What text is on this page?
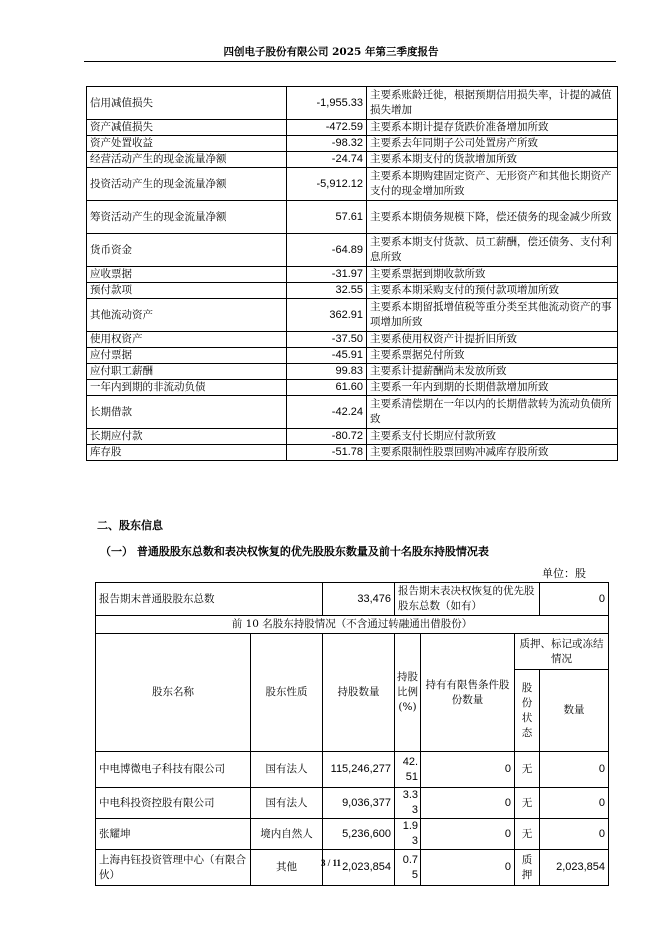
四创电子股份有限公司 2025 年第三季度报告
信用减值损失	-1,955.33	主要系账龄迁徙，根据预期信用损失率，计提的减值损失增加
资产减值损失	-472.59	主要系本期计提存货跌价准备增加所致
资产处置收益	-98.32	主要系去年同期子公司处置房产所致
经营活动产生的现金流量净额	-24.74	主要系本期支付的货款增加所致
投资活动产生的现金流量净额	-5,912.12	主要系本期购建固定资产、无形资产和其他长期资产支付的现金增加所致
筹资活动产生的现金流量净额	57.61	主要系本期债务规模下降，偿还债务的现金减少所致
货币资金	-64.89	主要系本期支付货款、员工薪酬，偿还债务、支付利息所致
应收票据	-31.97	主要系票据到期收款所致
预付款项	32.55	主要系本期采购支付的预付款项增加所致
其他流动资产	362.91	主要系本期留抵增值税等重分类至其他流动资产的事项增加所致
使用权资产	-37.50	主要系使用权资产计提折旧所致
应付票据	-45.91	主要系票据兑付所致
应付职工薪酬	99.83	主要系计提薪酬尚未发放所致
一年内到期的非流动负债	61.60	主要系一年内到期的长期借款增加所致
长期借款	-42.24	主要系清偿期在一年以内的长期借款转为流动负债所致
长期应付款	-80.72	主要系支付长期应付款所致
库存股	-51.78	主要系限制性股票回购冲减库存股所致
二、股东信息
（一） 普通股股东总数和表决权恢复的优先股股东数量及前十名股东持股情况表
单位：股
报告期末普通股股东总数		33,476	报告期末表决权恢复的优先股股东总数（如有）			0
前 10 名股东持股情况（不含通过转融通出借股份）						
股东名称	股东性质	持股数量	持股比例(%)	持有有限售条件股份数量	质押、标记或冻结情况	
					股份状态	数量
中电博微电子科技有限公司	国有法人	115,246,277	42.51	0	无	0
中电科投资控股有限公司	国有法人	9,036,377	3.33	0	无	0
张耀坤	境内自然人	5,236,600	1.93	0	无	0
上海冉钰投资管理中心（有限合伙）	其他	2,023,854	0.75	0	质押	2,023,854
3 / 11
